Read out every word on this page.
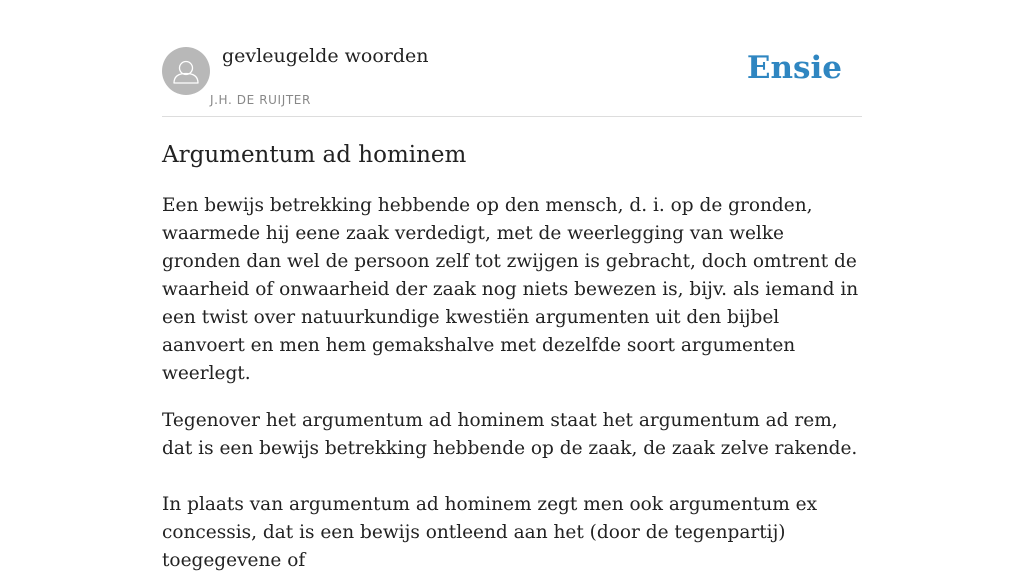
gevleugelde woorden
J.H. DE RUIJTER
Ensie
Argumentum ad hominem

Een bewijs betrekking hebbende op den mensch, d. i. op de gronden, waarmede hij eene zaak verdedigt, met de weerlegging van welke gronden dan wel de persoon zelf tot zwijgen is gebracht, doch omtrent de waarheid of onwaarheid der zaak nog niets bewezen is, bijv. als iemand in een twist over natuurkundige kwestiën argumenten uit den bijbel aanvoert en men hem gemakshalve met dezelfde soort argumenten weerlegt.

Tegenover het argumentum ad hominem staat het argumentum ad rem, dat is een bewijs betrekking hebbende op de zaak, de zaak zelve rakende.

In plaats van argumentum ad hominem zegt men ook argumentum ex concessis, dat is een bewijs ontleend aan het (door de tegenpartij) toegegevene of
